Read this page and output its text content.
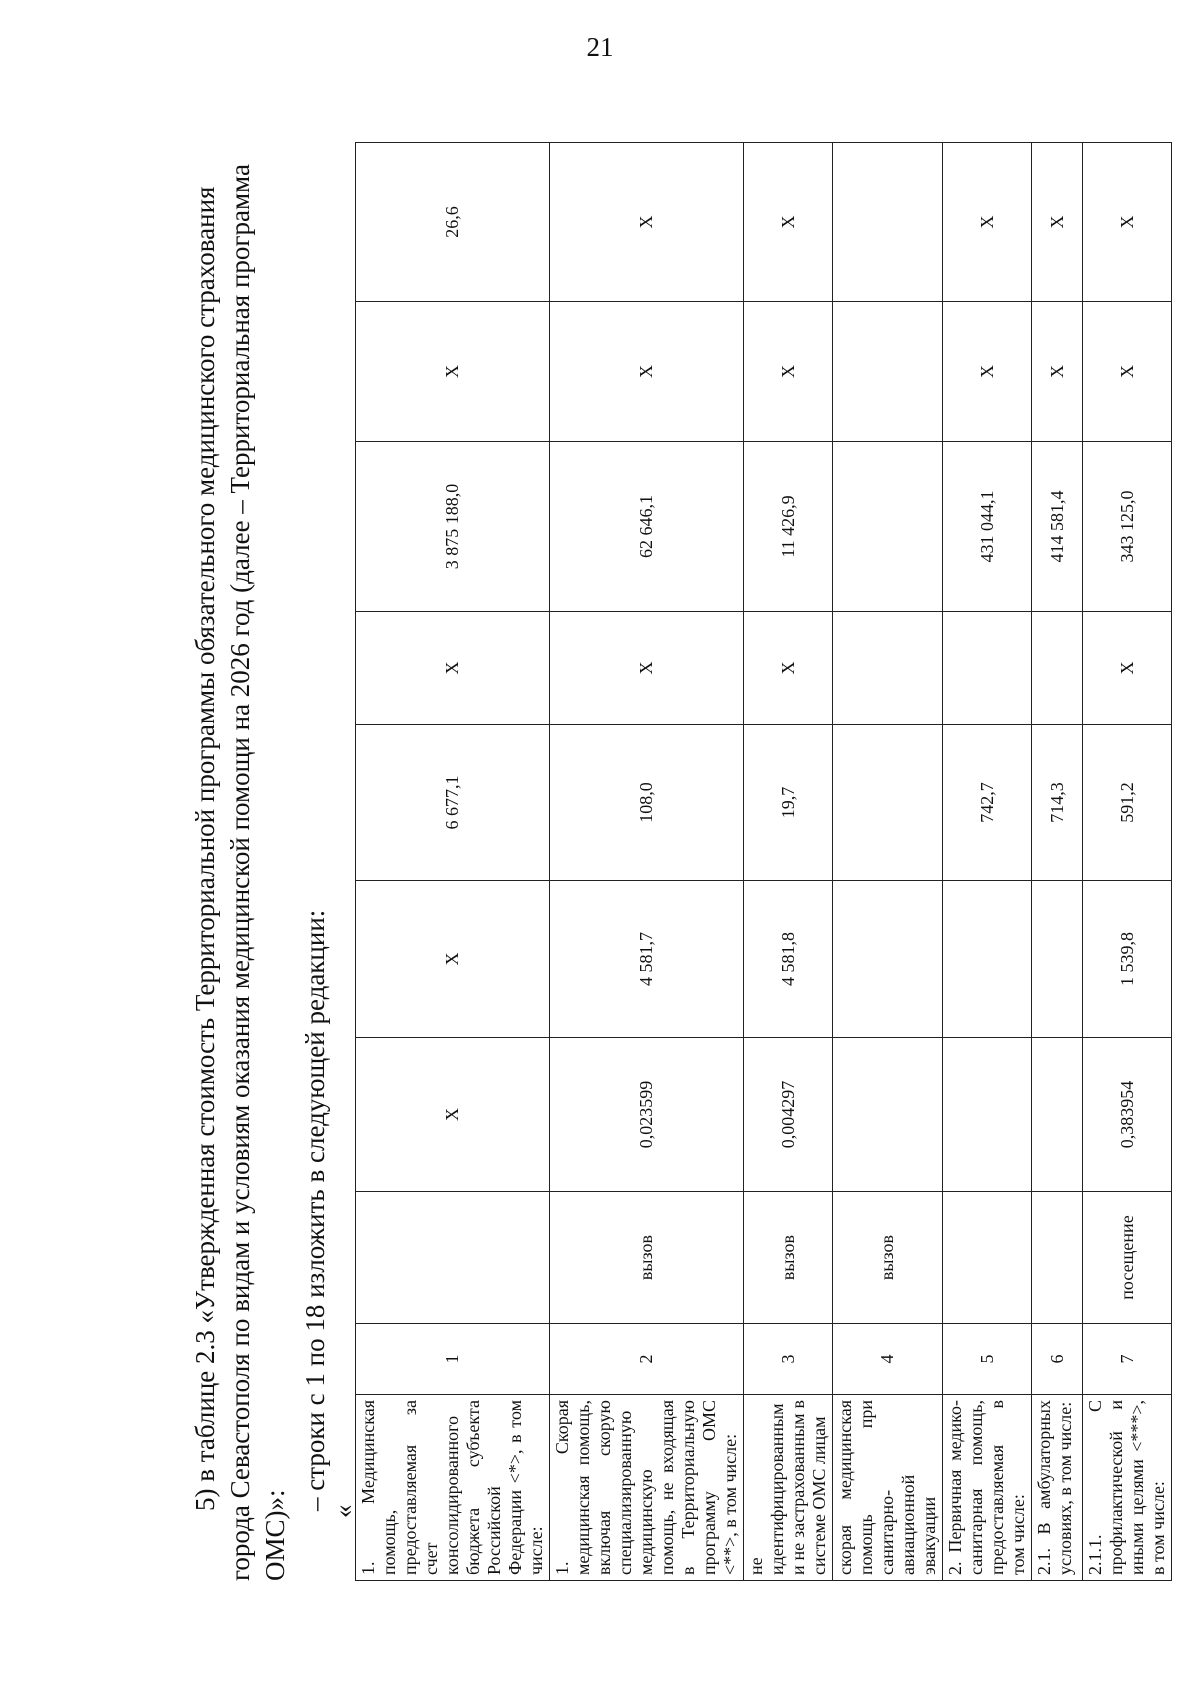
21
5) в таблице 2.3 «Утвержденная стоимость Территориальной программы обязательного медицинского страхования города Севастополя по видам и условиям оказания медицинской помощи на 2026 год (далее – Территориальная программа ОМС)»:
– строки с 1 по 18 изложить в следующей редакции:
« 1. Медицинская помощь, предоставляемая за счет консолидированного бюджета субъекта Российской Федерации <*>, в том числе:	1		X	X	6 677,1	X	3 875 188,0	X	26,6
1. Скорая медицинская помощь, включая скорую специализированную медицинскую помощь, не входящая в Территориальную программу ОМС <**>, в том числе:	2	вызов	0,023599	4 581,7	108,0	X	62 646,1	X	X
не идентифицированным и не застрахованным в системе ОМС лицам	3	вызов	0,004297	4 581,8	19,7	X	11 426,9	X	X
скорая медицинская помощь при санитарно-авиационной эвакуации	4	вызов							
2. Первичная медико-санитарная помощь, предоставляемая в том числе:	5				742,7		431 044,1	X	X
2.1. В амбулаторных условиях, в том числе:	6				714,3		414 581,4	X	X
2.1.1. С профилактической и иными целями <***>, в том числе:	7	посещение	0,383954	1 539,8	591,2	X	343 125,0	X	X
